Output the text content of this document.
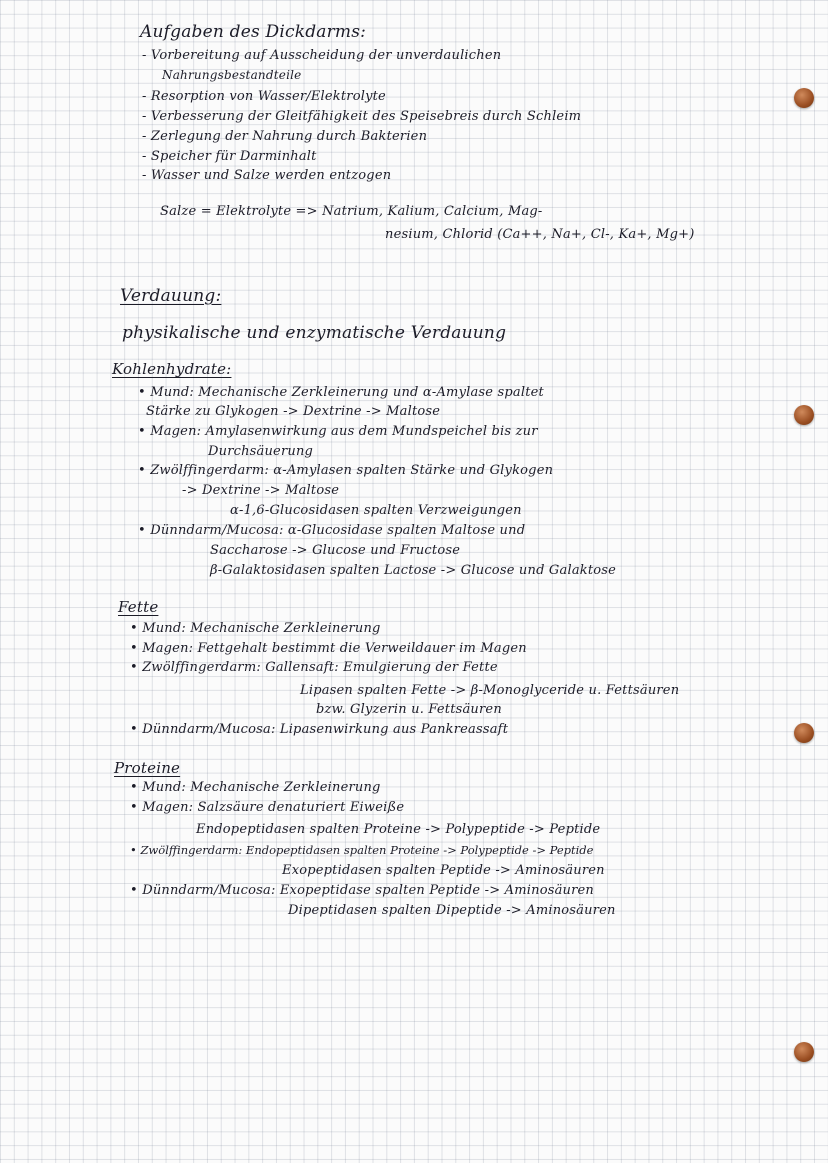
Aufgaben des Dickdarms:
- Vorbereitung auf Ausscheidung der unverdaulichen
Nahrungsbestandteile
- Resorption von Wasser/Elektrolyte
- Verbesserung der Gleitfähigkeit des Speisebreis durch Schleim
- Zerlegung der Nahrung durch Bakterien
- Speicher für Darminhalt
- Wasser und Salze werden entzogen
Salze = Elektrolyte => Natrium, Kalium, Calcium, Mag-
nesium, Chlorid (Ca++, Na+, Cl-, Ka+, Mg+)
Verdauung:
physikalische und enzymatische Verdauung
Kohlenhydrate:
• Mund: Mechanische Zerkleinerung und α-Amylase spaltet
Stärke zu Glykogen -> Dextrine -> Maltose
• Magen: Amylasenwirkung aus dem Mundspeichel bis zur
Durchsäuerung
• Zwölffingerdarm: α-Amylasen spalten Stärke und Glykogen
-> Dextrine -> Maltose
α-1,6-Glucosidasen spalten Verzweigungen
• Dünndarm/Mucosa: α-Glucosidase spalten Maltose und
Saccharose -> Glucose und Fructose
β-Galaktosidasen spalten Lactose -> Glucose und Galaktose
Fette
• Mund: Mechanische Zerkleinerung
• Magen: Fettgehalt bestimmt die Verweildauer im Magen
• Zwölffingerdarm: Gallensaft: Emulgierung der Fette
Lipasen spalten Fette -> β-Monoglyceride u. Fettsäuren
bzw. Glyzerin u. Fettsäuren
• Dünndarm/Mucosa: Lipasenwirkung aus Pankreassaft
Proteine
• Mund: Mechanische Zerkleinerung
• Magen: Salzsäure denaturiert Eiweiße
Endopeptidasen spalten Proteine -> Polypeptide -> Peptide
• Zwölffingerdarm: Endopeptidasen spalten Proteine -> Polypeptide -> Peptide
Exopeptidasen spalten Peptide -> Aminosäuren
• Dünndarm/Mucosa: Exopeptidase spalten Peptide -> Aminosäuren
Dipeptidasen spalten Dipeptide -> Aminosäuren
